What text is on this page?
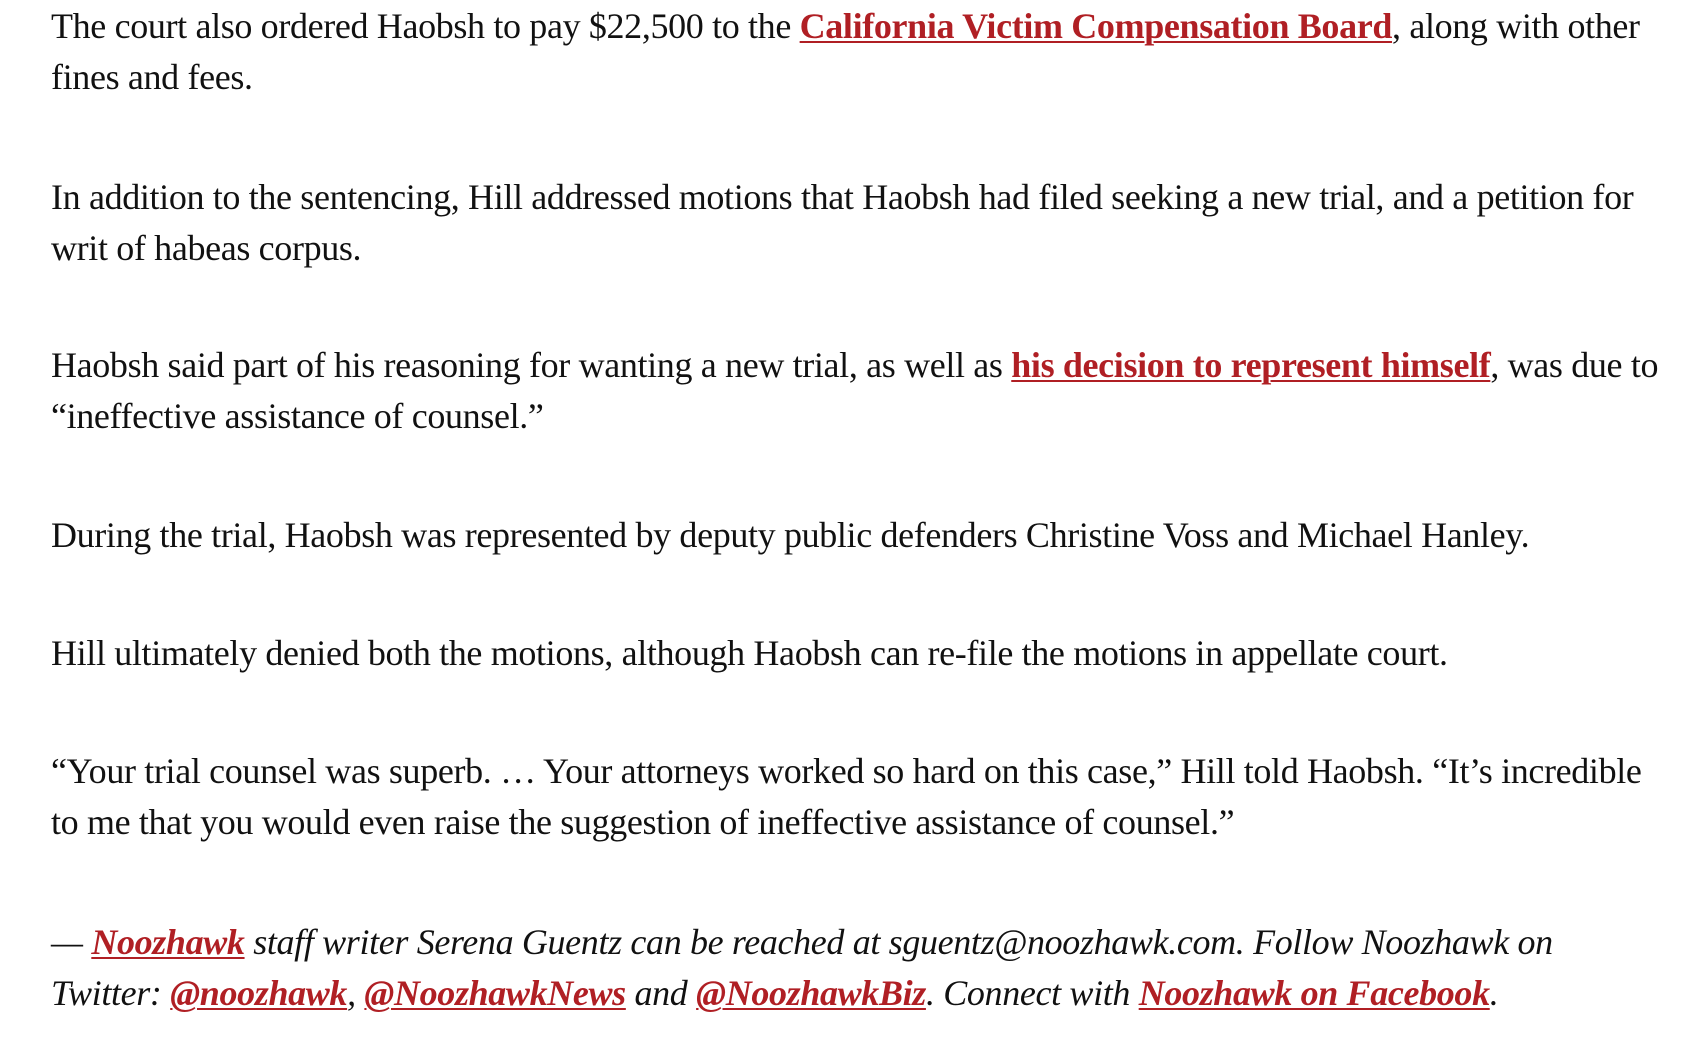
The court also ordered Haobsh to pay $22,500 to the California Victim Compensation Board, along with other fines and fees.

In addition to the sentencing, Hill addressed motions that Haobsh had filed seeking a new trial, and a petition for writ of habeas corpus.

Haobsh said part of his reasoning for wanting a new trial, as well as his decision to represent himself, was due to “ineffective assistance of counsel.”

During the trial, Haobsh was represented by deputy public defenders Christine Voss and Michael Hanley.

Hill ultimately denied both the motions, although Haobsh can re-file the motions in appellate court.

“Your trial counsel was superb. … Your attorneys worked so hard on this case,” Hill told Haobsh. “It’s incredible to me that you would even raise the suggestion of ineffective assistance of counsel.”

— Noozhawk staff writer Serena Guentz can be reached at sguentz@noozhawk.com. Follow Noozhawk on Twitter: @noozhawk, @NoozhawkNews and @NoozhawkBiz. Connect with Noozhawk on Facebook.
